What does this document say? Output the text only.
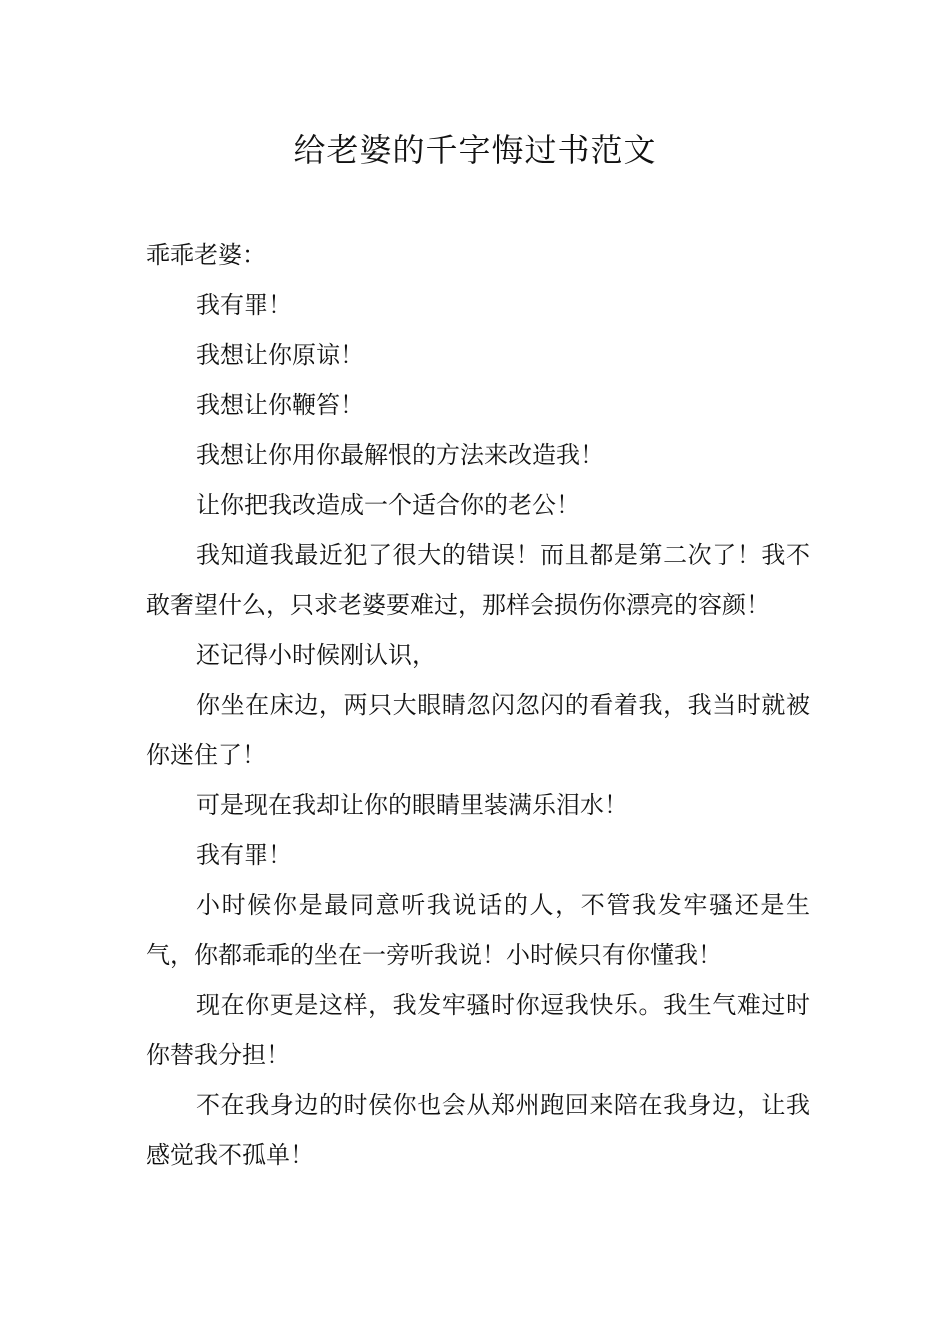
给老婆的千字悔过书范文

乖乖老婆：

我有罪！

我想让你原谅！

我想让你鞭笞！

我想让你用你最解恨的方法来改造我！

让你把我改造成一个适合你的老公！

我知道我最近犯了很大的错误！而且都是第二次了！我不敢奢望什么，只求老婆要难过，那样会损伤你漂亮的容颜！

还记得小时候刚认识，

你坐在床边，两只大眼睛忽闪忽闪的看着我，我当时就被你迷住了！

可是现在我却让你的眼睛里装满乐泪水！

我有罪！

小时候你是最同意听我说话的人，不管我发牢骚还是生气，你都乖乖的坐在一旁听我说！小时候只有你懂我！

现在你更是这样，我发牢骚时你逗我快乐。我生气难过时你替我分担！

不在我身边的时侯你也会从郑州跑回来陪在我身边，让我感觉我不孤单！
